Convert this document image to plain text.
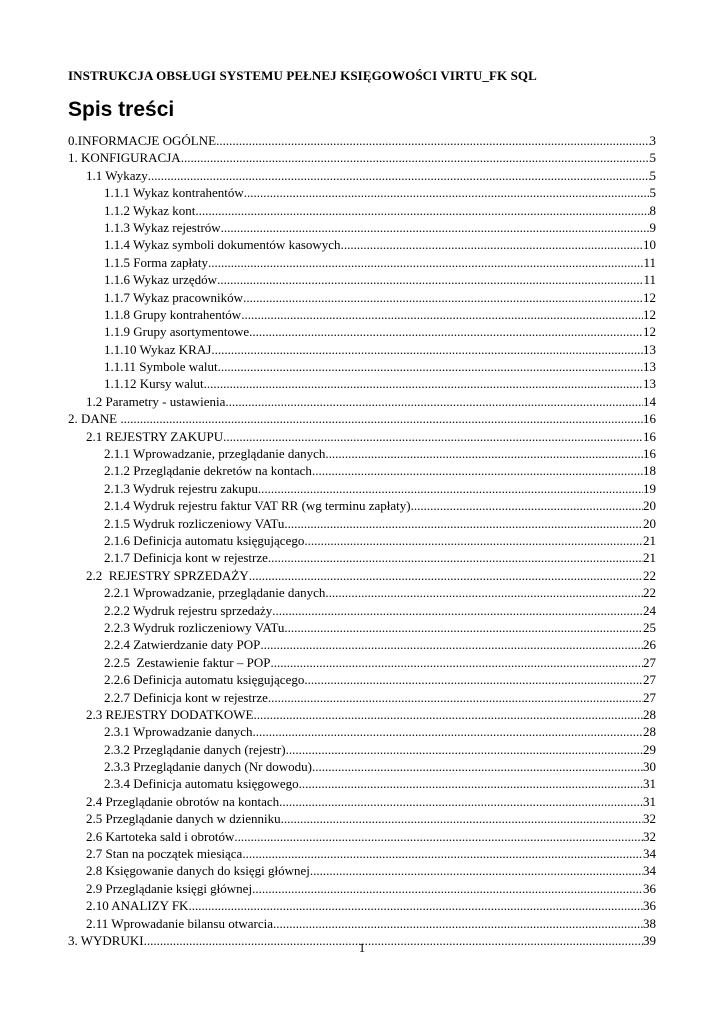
INSTRUKCJA OBSŁUGI SYSTEMU PEŁNEJ KSIĘGOWOŚCI VIRTU_FK SQL
Spis treści
0.INFORMACJE OGÓLNE .....	3
1. KONFIGURACJA .....	5
1.1 Wykazy .....	5
1.1.1 Wykaz kontrahentów .....	5
1.1.2 Wykaz kont .....	8
1.1.3 Wykaz rejestrów .....	9
1.1.4 Wykaz symboli dokumentów kasowych .....	10
1.1.5 Forma zapłaty .....	11
1.1.6 Wykaz urzędów .....	11
1.1.7 Wykaz pracowników .....	12
1.1.8 Grupy kontrahentów .....	12
1.1.9 Grupy asortymentowe .....	12
1.1.10 Wykaz KRAJ .....	13
1.1.11 Symbole walut .....	13
1.1.12 Kursy walut .....	13
1.2 Parametry - ustawienia .....	14
2. DANE .....	16
2.1 REJESTRY ZAKUPU .....	16
2.1.1 Wprowadzanie, przeglądanie danych .....	16
2.1.2 Przeglądanie dekretów na kontach .....	18
2.1.3 Wydruk rejestru zakupu .....	19
2.1.4 Wydruk rejestru faktur VAT RR (wg terminu zapłaty) .....	20
2.1.5 Wydruk rozliczeniowy VATu .....	20
2.1.6 Definicja automatu księgującego .....	21
2.1.7 Definicja kont w rejestrze .....	21
2.2  REJESTRY SPRZEDAŻY .....	22
2.2.1 Wprowadzanie, przeglądanie danych .....	22
2.2.2 Wydruk rejestru sprzedaży .....	24
2.2.3 Wydruk rozliczeniowy VATu .....	25
2.2.4 Zatwierdzanie daty POP .....	26
2.2.5  Zestawienie faktur – POP .....	27
2.2.6 Definicja automatu księgującego .....	27
2.2.7 Definicja kont w rejestrze .....	27
2.3 REJESTRY DODATKOWE .....	28
2.3.1 Wprowadzanie danych .....	28
2.3.2 Przeglądanie danych (rejestr) .....	29
2.3.3 Przeglądanie danych (Nr dowodu) .....	30
2.3.4 Definicja automatu księgowego .....	31
2.4 Przeglądanie obrotów na kontach .....	31
2.5 Przeglądanie danych w dzienniku .....	32
2.6 Kartoteka sald i obrotów .....	32
2.7 Stan na początek miesiąca .....	34
2.8 Księgowanie danych do księgi głównej .....	34
2.9 Przeglądanie księgi głównej .....	36
2.10 ANALIZY FK .....	36
2.11 Wprowadanie bilansu otwarcia .....	38
3. WYDRUKI .....	39
1
